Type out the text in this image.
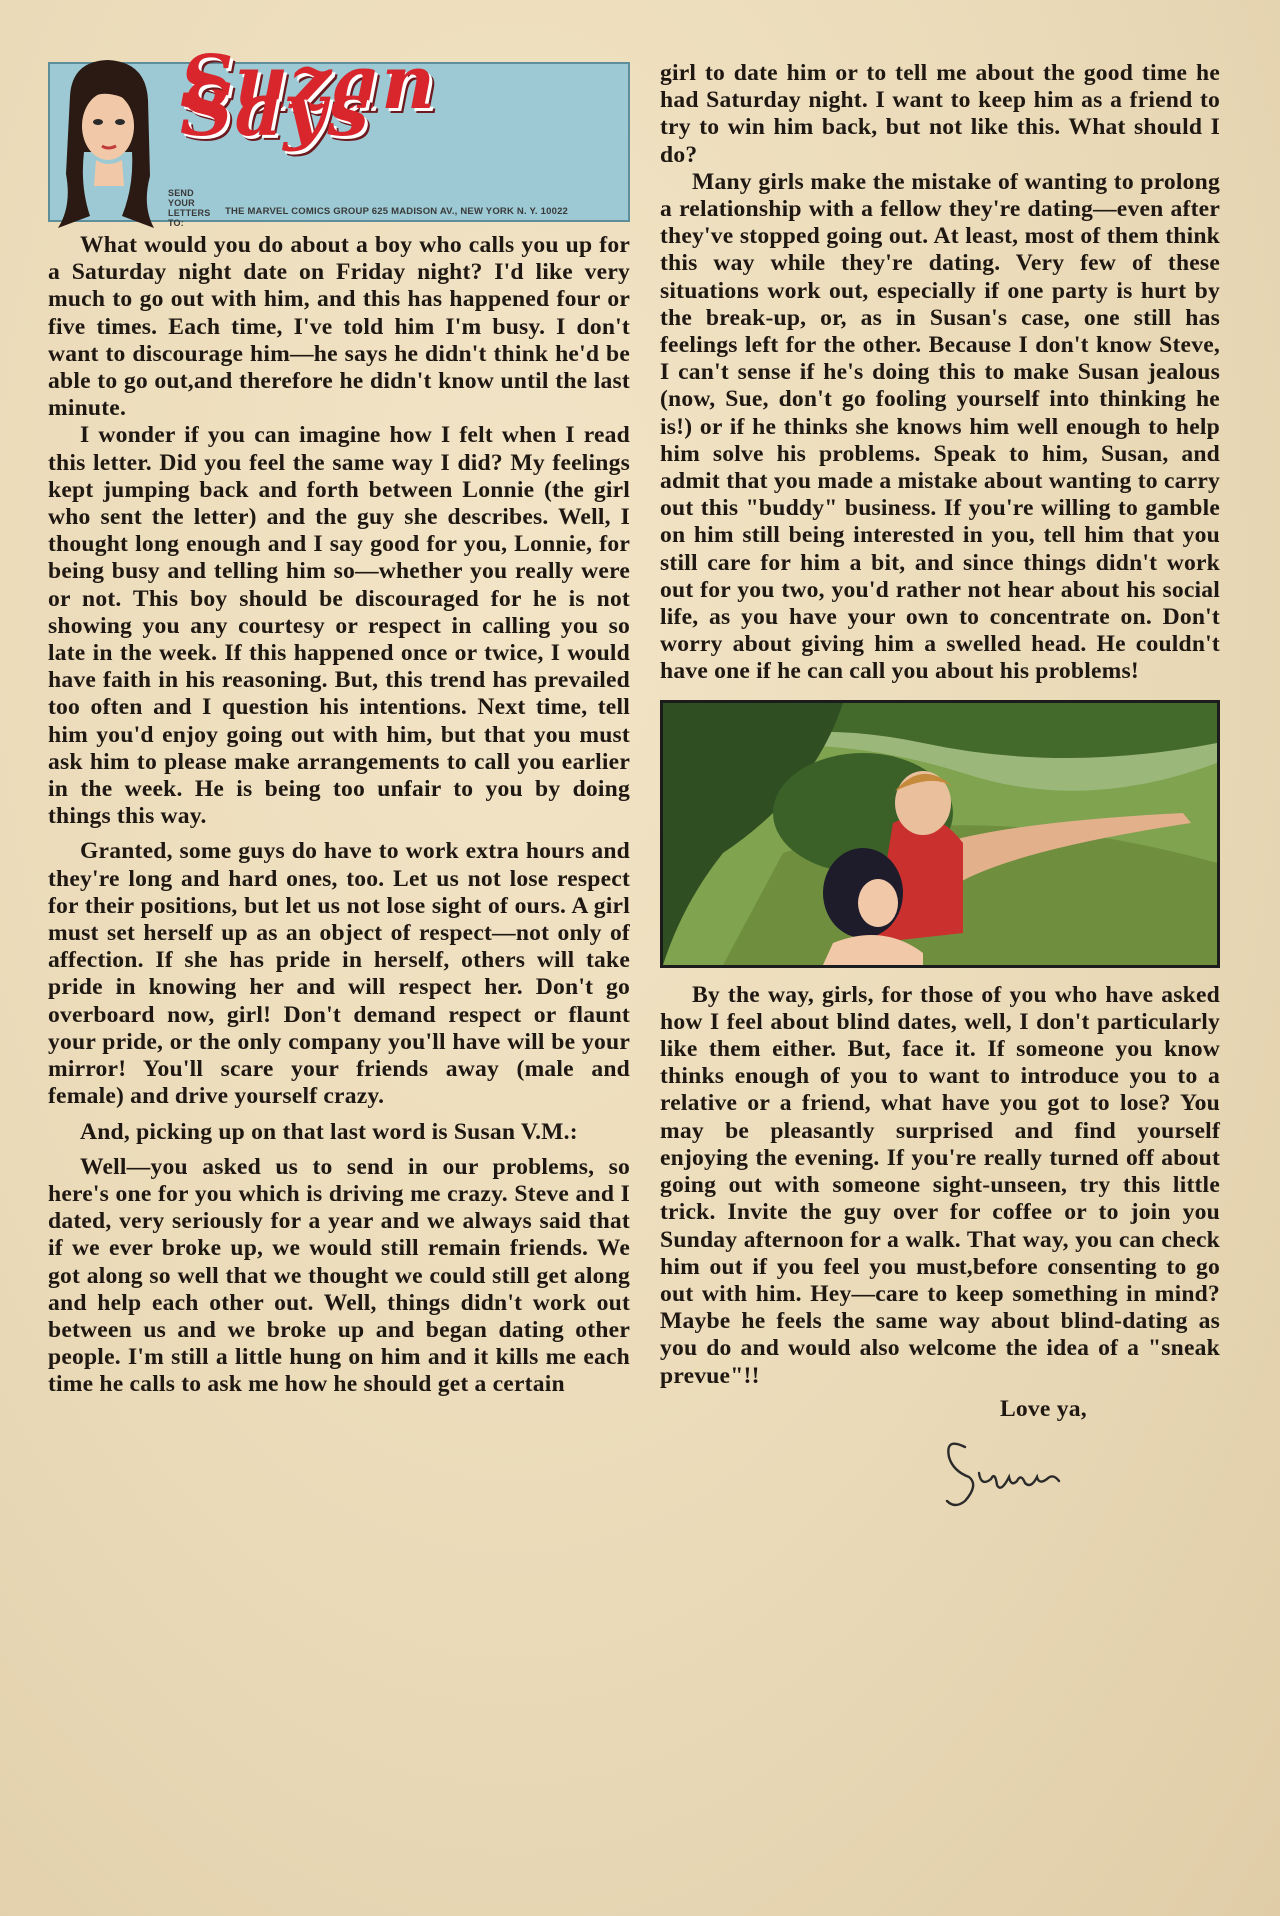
Suzan Says
SEND YOUR LETTERS TO:
THE MARVEL COMICS GROUP 625 MADISON AV., NEW YORK N. Y. 10022

What would you do about a boy who calls you up for a Saturday night date on Friday night? I'd like very much to go out with him, and this has happened four or five times. Each time, I've told him I'm busy. I don't want to discourage him—he says he didn't think he'd be able to go out,and therefore he didn't know until the last minute.

I wonder if you can imagine how I felt when I read this letter. Did you feel the same way I did? My feelings kept jumping back and forth between Lonnie (the girl who sent the letter) and the guy she describes. Well, I thought long enough and I say good for you, Lonnie, for being busy and telling him so—whether you really were or not. This boy should be discouraged for he is not showing you any courtesy or respect in calling you so late in the week. If this happened once or twice, I would have faith in his reasoning. But, this trend has prevailed too often and I question his intentions. Next time, tell him you'd enjoy going out with him, but that you must ask him to please make arrangements to call you earlier in the week. He is being too unfair to you by doing things this way.

Granted, some guys do have to work extra hours and they're long and hard ones, too. Let us not lose respect for their positions, but let us not lose sight of ours. A girl must set herself up as an object of respect—not only of affection. If she has pride in herself, others will take pride in knowing her and will respect her. Don't go overboard now, girl! Don't demand respect or flaunt your pride, or the only company you'll have will be your mirror! You'll scare your friends away (male and female) and drive yourself crazy.

And, picking up on that last word is Susan V.M.:

Well—you asked us to send in our problems, so here's one for you which is driving me crazy. Steve and I dated, very seriously for a year and we always said that if we ever broke up, we would still remain friends. We got along so well that we thought we could still get along and help each other out. Well, things didn't work out between us and we broke up and began dating other people. I'm still a little hung on him and it kills me each time he calls to ask me how he should get a certain

girl to date him or to tell me about the good time he had Saturday night. I want to keep him as a friend to try to win him back, but not like this. What should I do?

Many girls make the mistake of wanting to prolong a relationship with a fellow they're dating—even after they've stopped going out. At least, most of them think this way while they're dating. Very few of these situations work out, especially if one party is hurt by the break-up, or, as in Susan's case, one still has feelings left for the other. Because I don't know Steve, I can't sense if he's doing this to make Susan jealous (now, Sue, don't go fooling yourself into thinking he is!) or if he thinks she knows him well enough to help him solve his problems. Speak to him, Susan, and admit that you made a mistake about wanting to carry out this "buddy" business. If you're willing to gamble on him still being interested in you, tell him that you still care for him a bit, and since things didn't work out for you two, you'd rather not hear about his social life, as you have your own to concentrate on. Don't worry about giving him a swelled head. He couldn't have one if he can call you about his problems!

By the way, girls, for those of you who have asked how I feel about blind dates, well, I don't particularly like them either. But, face it. If someone you know thinks enough of you to want to introduce you to a relative or a friend, what have you got to lose? You may be pleasantly surprised and find yourself enjoying the evening. If you're really turned off about going out with someone sight-unseen, try this little trick. Invite the guy over for coffee or to join you Sunday afternoon for a walk. That way, you can check him out if you feel you must,before consenting to go out with him. Hey—care to keep something in mind? Maybe he feels the same way about blind-dating as you do and would also welcome the idea of a "sneak prevue"!!

Love ya,
